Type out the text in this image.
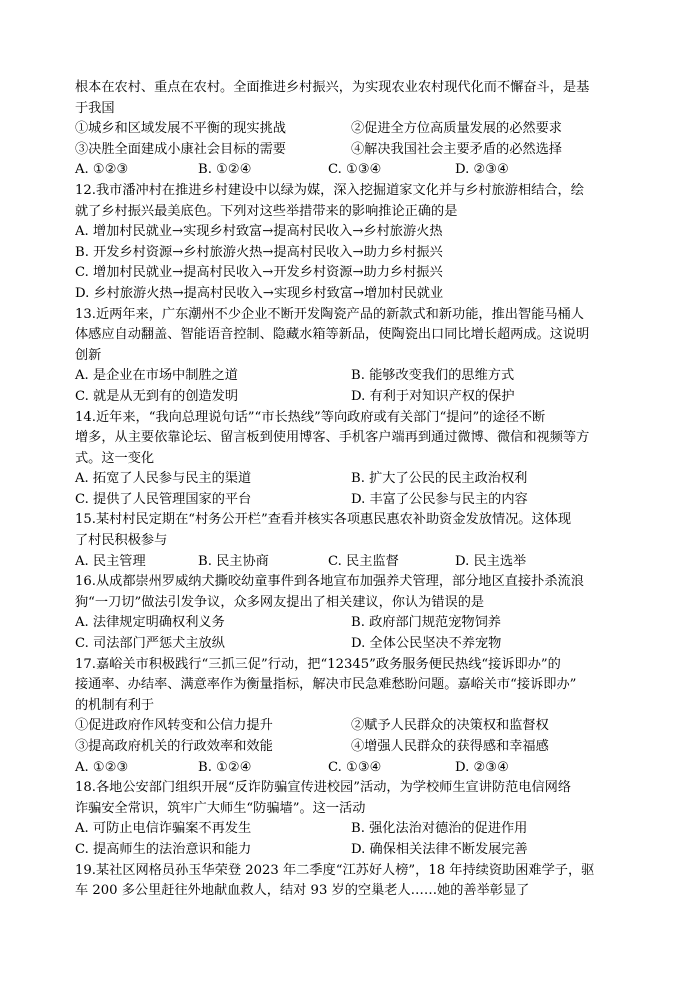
根本在农村、重点在农村。全面推进乡村振兴，为实现农业农村现代化而不懈奋斗，是基
于我国
①城乡和区域发展不平衡的现实挑战	②促进全方位高质量发展的必然要求
③决胜全面建成小康社会目标的需要	④解决我国社会主要矛盾的必然选择
A. ①②③	B. ①②④	C. ①③④	D. ②③④
12.我市潘冲村在推进乡村建设中以绿为媒，深入挖掘道家文化并与乡村旅游相结合，绘
就了乡村振兴最美底色。下列对这些举措带来的影响推论正确的是
A. 增加村民就业→实现乡村致富→提高村民收入→乡村旅游火热
B. 开发乡村资源→乡村旅游火热→提高村民收入→助力乡村振兴
C. 增加村民就业→提高村民收入→开发乡村资源→助力乡村振兴
D. 乡村旅游火热→提高村民收入→实现乡村致富→增加村民就业
13.近两年来，广东潮州不少企业不断开发陶瓷产品的新款式和新功能，推出智能马桶人
体感应自动翻盖、智能语音控制、隐藏水箱等新品，使陶瓷出口同比增长超两成。这说明
创新
A. 是企业在市场中制胜之道	B. 能够改变我们的思维方式
C. 就是从无到有的创造发明	D. 有利于对知识产权的保护
14.近年来，“我向总理说句话”“市长热线”等向政府或有关部门“提问”的途径不断
增多，从主要依靠论坛、留言板到使用博客、手机客户端再到通过微博、微信和视频等方
式。这一变化
A. 拓宽了人民参与民主的渠道	B. 扩大了公民的民主政治权利
C. 提供了人民管理国家的平台	D. 丰富了公民参与民主的内容
15.某村村民定期在“村务公开栏”查看并核实各项惠民惠农补助资金发放情况。这体现
了村民积极参与
A. 民主管理	B. 民主协商	C. 民主监督	D. 民主选举
16.从成都崇州罗威纳犬撕咬幼童事件到各地宣布加强养犬管理，部分地区直接扑杀流浪
狗“一刀切”做法引发争议，众多网友提出了相关建议，你认为错误的是
A. 法律规定明确权利义务	B. 政府部门规范宠物饲养
C. 司法部门严惩犬主放纵	D. 全体公民坚决不养宠物
17.嘉峪关市积极践行“三抓三促”行动，把“12345”政务服务便民热线“接诉即办”的
接通率、办结率、满意率作为衡量指标，解决市民急难愁盼问题。嘉峪关市“接诉即办”
的机制有利于
①促进政府作风转变和公信力提升	②赋予人民群众的决策权和监督权
③提高政府机关的行政效率和效能	④增强人民群众的获得感和幸福感
A. ①②③	B. ①②④	C. ①③④	D. ②③④
18.各地公安部门组织开展“反诈防骗宣传进校园”活动，为学校师生宣讲防范电信网络
诈骗安全常识，筑牢广大师生“防骗墙”。这一活动
A. 可防止电信诈骗案不再发生	B. 强化法治对德治的促进作用
C. 提高师生的法治意识和能力	D. 确保相关法律不断发展完善
19.某社区网格员孙玉华荣登 2023 年二季度“江苏好人榜”，18 年持续资助困难学子，驱
车 200 多公里赶往外地献血救人，结对 93 岁的空巢老人……她的善举彰显了
